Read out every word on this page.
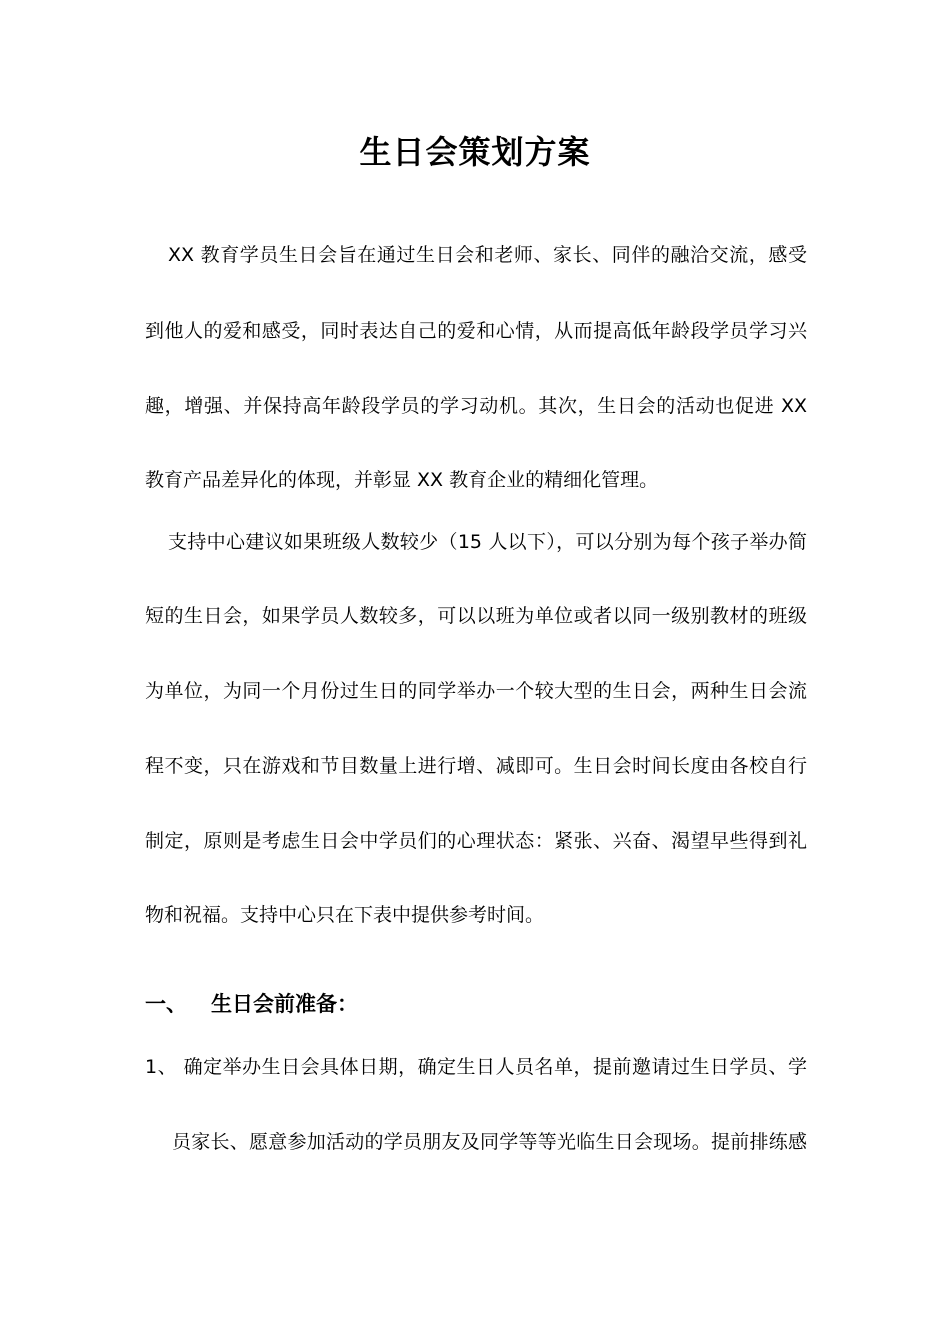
生日会策划方案
XX 教育学员生日会旨在通过生日会和老师、家长、同伴的融洽交流，感受
到他人的爱和感受，同时表达自己的爱和心情，从而提高低年龄段学员学习兴
趣，增强、并保持高年龄段学员的学习动机。其次，生日会的活动也促进 XX
教育产品差异化的体现，并彰显 XX 教育企业的精细化管理。
支持中心建议如果班级人数较少（15 人以下），可以分别为每个孩子举办简
短的生日会，如果学员人数较多，可以以班为单位或者以同一级别教材的班级
为单位，为同一个月份过生日的同学举办一个较大型的生日会，两种生日会流
程不变，只在游戏和节目数量上进行增、减即可。生日会时间长度由各校自行
制定，原则是考虑生日会中学员们的心理状态：紧张、兴奋、渴望早些得到礼
物和祝福。支持中心只在下表中提供参考时间。
一、 生日会前准备：
1、 确定举办生日会具体日期，确定生日人员名单，提前邀请过生日学员、学
员家长、愿意参加活动的学员朋友及同学等等光临生日会现场。提前排练感
